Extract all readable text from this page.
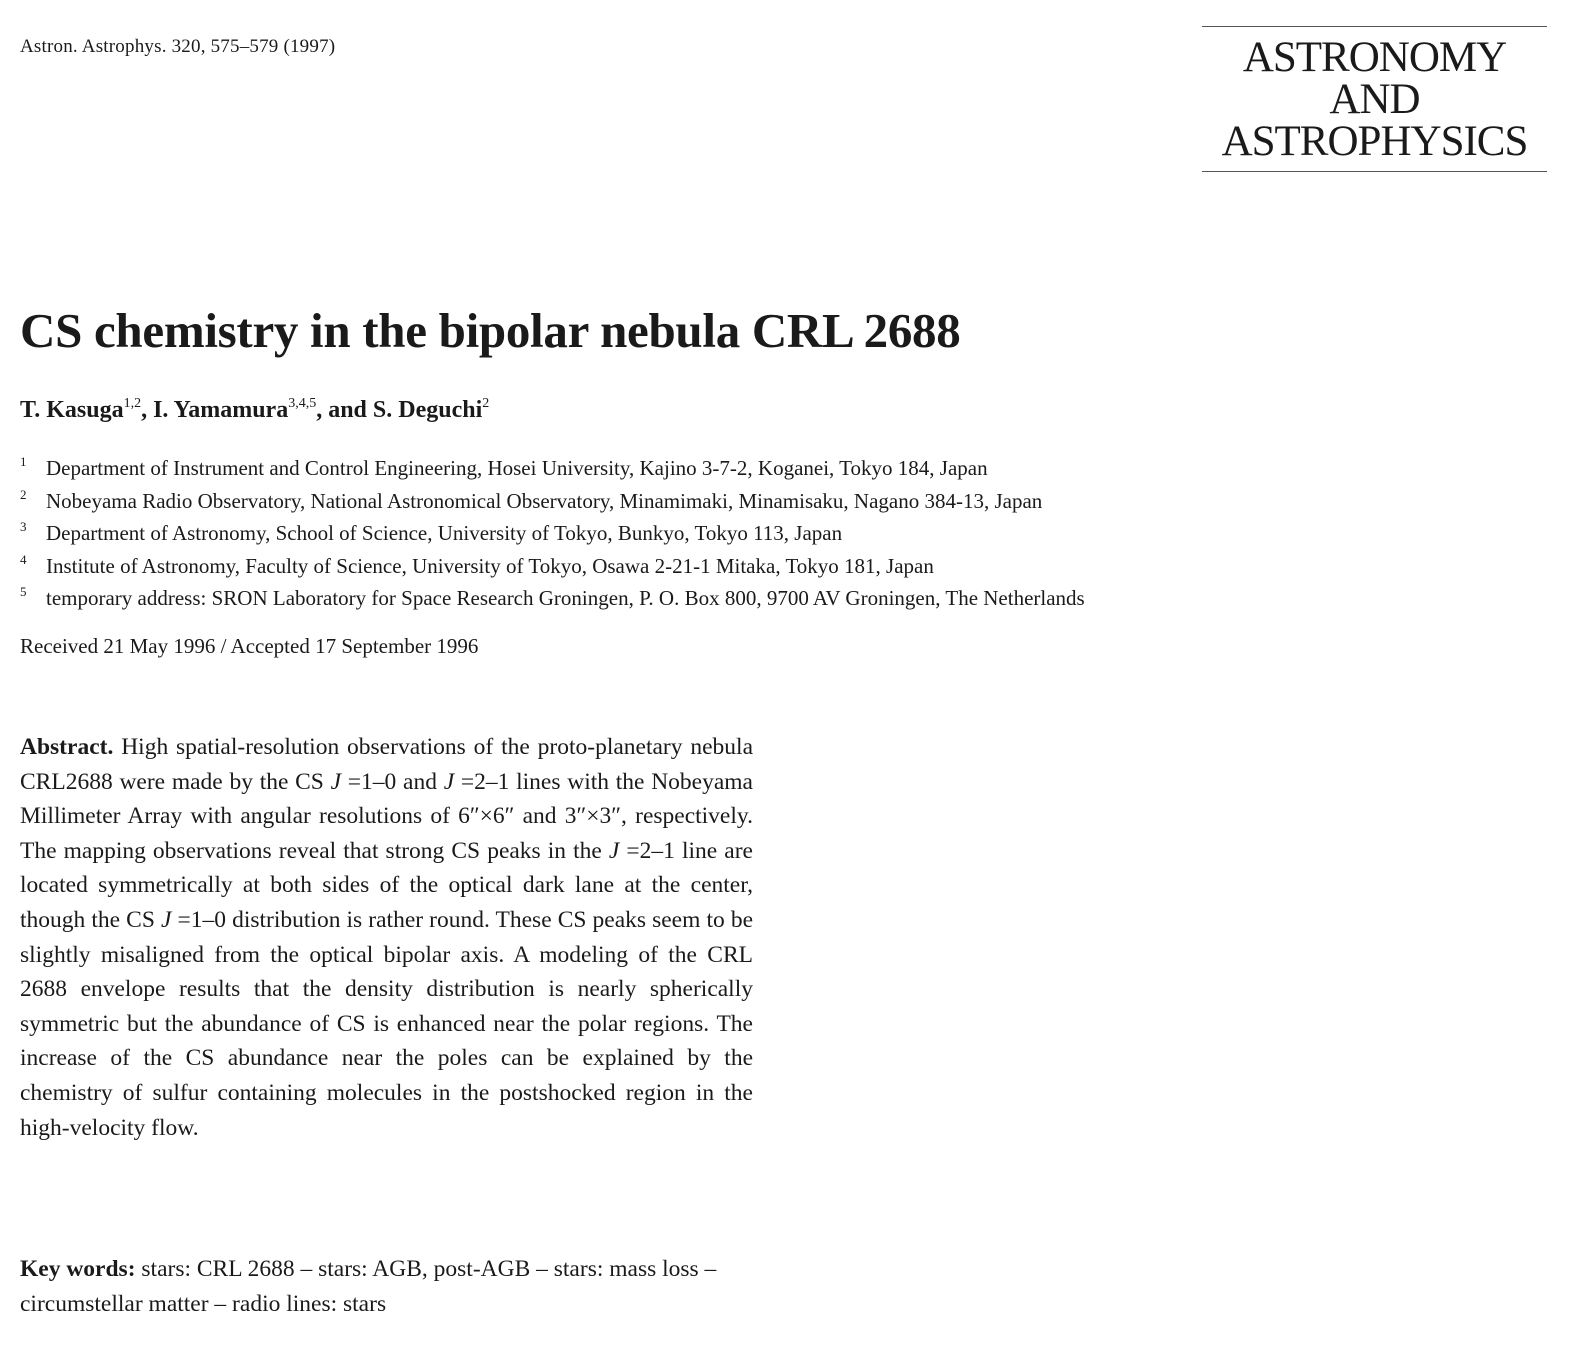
Astron. Astrophys. 320, 575–579 (1997)	ASTRONOMY
AND
ASTROPHYSICS
CS chemistry in the bipolar nebula CRL 2688
T. Kasuga$^{1,2}$, I. Yamamura$^{3,4,5}$, and S. Deguchi$^2$
1 Department of Instrument and Control Engineering, Hosei University, Kajino 3-7-2, Koganei, Tokyo 184, Japan
2 Nobeyama Radio Observatory, National Astronomical Observatory, Minamimaki, Minamisaku, Nagano 384-13, Japan
3 Department of Astronomy, School of Science, University of Tokyo, Bunkyo, Tokyo 113, Japan
4 Institute of Astronomy, Faculty of Science, University of Tokyo, Osawa 2-21-1 Mitaka, Tokyo 181, Japan
5 temporary address: SRON Laboratory for Space Research Groningen, P. O. Box 800, 9700 AV Groningen, The Netherlands
Received 21 May 1996 / Accepted 17 September 1996

Abstract. High spatial-resolution observations of the proto-planetary nebula CRL2688 were made by the CS J =1–0 and J =2–1 lines with the Nobeyama Millimeter Array with angular resolutions of 6″×6″ and 3″×3″, respectively. The mapping observations reveal that strong CS peaks in the J =2–1 line are located symmetrically at both sides of the optical dark lane at the center, though the CS J =1–0 distribution is rather round. These CS peaks seem to be slightly misaligned from the optical bipolar axis. A modeling of the CRL 2688 envelope results that the density distribution is nearly spherically symmetric but the abundance of CS is enhanced near the polar regions. The increase of the CS abundance near the poles can be explained by the chemistry of sulfur containing molecules in the postshocked region in the high-velocity flow.

Key words: stars: CRL 2688 – stars: AGB, post-AGB – stars: mass loss – circumstellar matter – radio lines: stars
